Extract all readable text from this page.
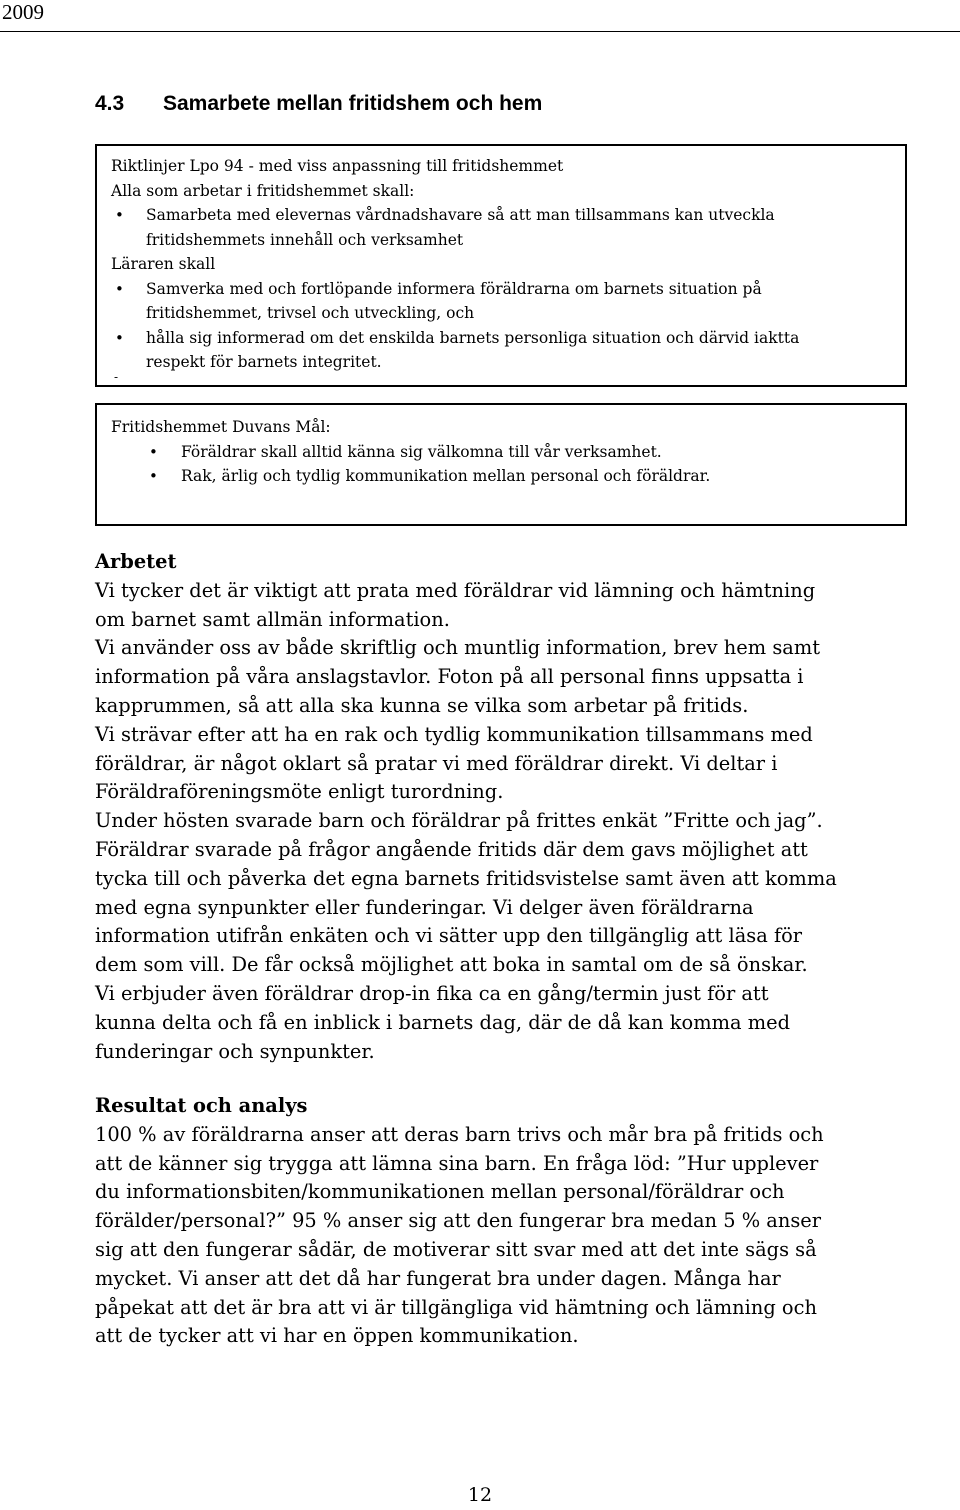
2009
4.3 Samarbete mellan fritidshem och hem
Riktlinjer Lpo 94 - med viss anpassning till fritidshemmet
Alla som arbetar i fritidshemmet skall:
• Samarbeta med elevernas vårdnadshavare så att man tillsammans kan utveckla
fritidshemmets innehåll och verksamhet
Läraren skall
• Samverka med och fortlöpande informera föräldrarna om barnets situation på
fritidshemmet, trivsel och utveckling, och
• hålla sig informerad om det enskilda barnets personliga situation och därvid iaktta
respekt för barnets integritet.
-
Fritidshemmet Duvans Mål:
• Föräldrar skall alltid känna sig välkomna till vår verksamhet.
• Rak, ärlig och tydlig kommunikation mellan personal och föräldrar.

Arbetet

Vi tycker det är viktigt att prata med föräldrar vid lämning och hämtning

om barnet samt allmän information.

Vi använder oss av både skriftlig och muntlig information, brev hem samt

information på våra anslagstavlor. Foton på all personal finns uppsatta i

kapprummen, så att alla ska kunna se vilka som arbetar på fritids.

Vi strävar efter att ha en rak och tydlig kommunikation tillsammans med

föräldrar, är något oklart så pratar vi med föräldrar direkt. Vi deltar i

Föräldraföreningsmöte enligt turordning.

Under hösten svarade barn och föräldrar på frittes enkät ”Fritte och jag”.

Föräldrar svarade på frågor angående fritids där dem gavs möjlighet att

tycka till och påverka det egna barnets fritidsvistelse samt även att komma

med egna synpunkter eller funderingar. Vi delger även föräldrarna

information utifrån enkäten och vi sätter upp den tillgänglig att läsa för

dem som vill. De får också möjlighet att boka in samtal om de så önskar.

Vi erbjuder även föräldrar drop-in fika ca en gång/termin just för att

kunna delta och få en inblick i barnets dag, där de då kan komma med

funderingar och synpunkter.

Resultat och analys

100 % av föräldrarna anser att deras barn trivs och mår bra på fritids och

att de känner sig trygga att lämna sina barn. En fråga löd: ”Hur upplever

du informationsbiten/kommunikationen mellan personal/föräldrar och

förälder/personal?” 95 % anser sig att den fungerar bra medan 5 % anser

sig att den fungerar sådär, de motiverar sitt svar med att det inte sägs så

mycket. Vi anser att det då har fungerat bra under dagen. Många har

påpekat att det är bra att vi är tillgängliga vid hämtning och lämning och

att de tycker att vi har en öppen kommunikation.

12
